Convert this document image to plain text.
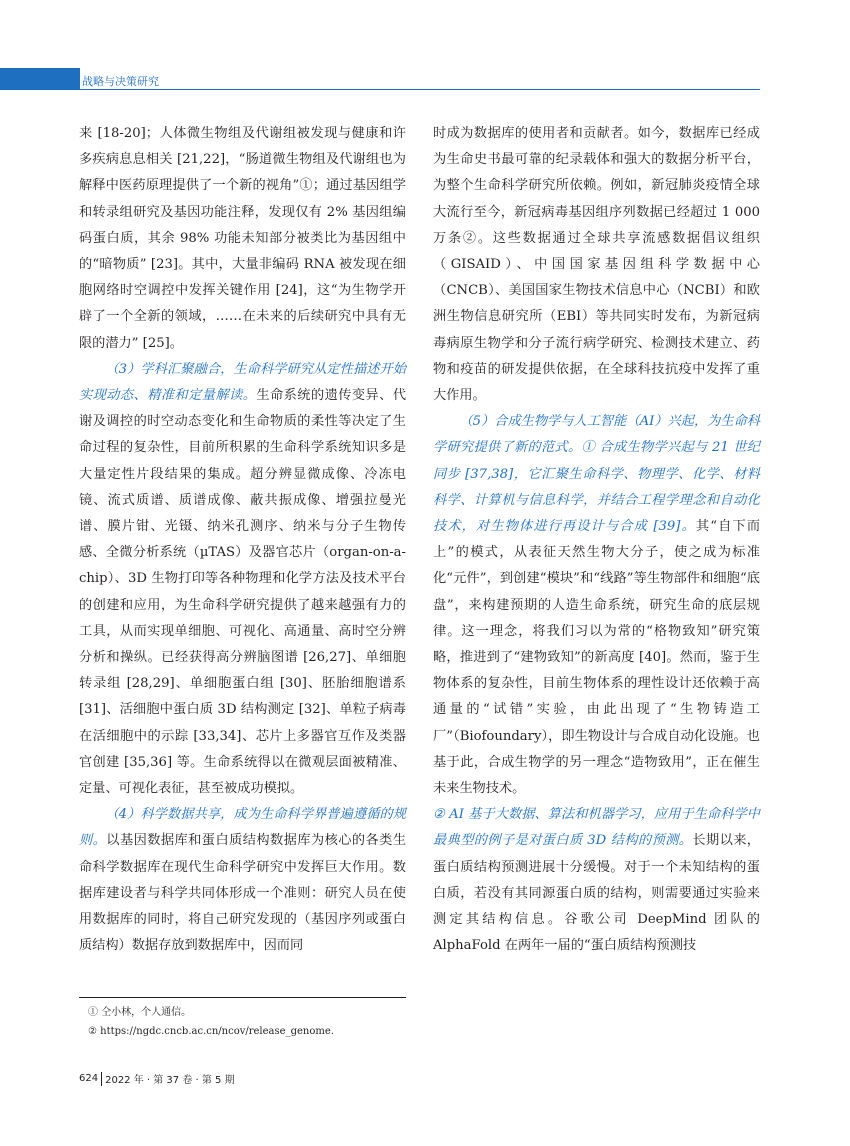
战略与决策研究

来 [18-20]；人体微生物组及代谢组被发现与健康和许多疾病息息相关 [21,22]，“肠道微生物组及代谢组也为解释中医药原理提供了一个新的视角”①；通过基因组学和转录组研究及基因功能注释，发现仅有 2% 基因组编码蛋白质，其余 98% 功能未知部分被类比为基因组中的“暗物质” [23]。其中，大量非编码 RNA 被发现在细胞网络时空调控中发挥关键作用 [24]，这“为生物学开辟了一个全新的领域，……在未来的后续研究中具有无限的潜力” [25]。

（3）学科汇聚融合，生命科学研究从定性描述开始实现动态、精准和定量解读。生命系统的遗传变异、代谢及调控的时空动态变化和生命物质的柔性等决定了生命过程的复杂性，目前所积累的生命科学系统知识多是大量定性片段结果的集成。超分辨显微成像、冷冻电镜、流式质谱、质谱成像、蔽共振成像、增强拉曼光谱、膜片钳、光镊、纳米孔测序、纳米与分子生物传感、全微分析系统（µTAS）及器官芯片（organ-on-a-chip）、3D 生物打印等各种物理和化学方法及技术平台的创建和应用，为生命科学研究提供了越来越强有力的工具，从而实现单细胞、可视化、高通量、高时空分辨分析和操纵。已经获得高分辨脑图谱 [26,27]、单细胞转录组 [28,29]、单细胞蛋白组 [30]、胚胎细胞谱系 [31]、活细胞中蛋白质 3D 结构测定 [32]、单粒子病毒在活细胞中的示踪 [33,34]、芯片上多器官互作及类器官创建 [35,36] 等。生命系统得以在微观层面被精准、定量、可视化表征，甚至被成功模拟。

（4）科学数据共享，成为生命科学界普遍遵循的规则。以基因数据库和蛋白质结构数据库为核心的各类生命科学数据库在现代生命科学研究中发挥巨大作用。数据库建设者与科学共同体形成一个准则：研究人员在使用数据库的同时，将自己研究发现的（基因序列或蛋白质结构）数据存放到数据库中，因而同

时成为数据库的使用者和贡献者。如今，数据库已经成为生命史书最可靠的纪录载体和强大的数据分析平台，为整个生命科学研究所依赖。例如，新冠肺炎疫情全球大流行至今，新冠病毒基因组序列数据已经超过 1 000 万条②。这些数据通过全球共享流感数据倡议组织（GISAID）、中国国家基因组科学数据中心（CNCB）、美国国家生物技术信息中心（NCBI）和欧洲生物信息研究所（EBI）等共同实时发布，为新冠病毒病原生物学和分子流行病学研究、检测技术建立、药物和疫苗的研发提供依据，在全球科技抗疫中发挥了重大作用。

（5）合成生物学与人工智能（AI）兴起，为生命科学研究提供了新的范式。① 合成生物学兴起与 21 世纪同步 [37,38]，它汇聚生命科学、物理学、化学、材料科学、计算机与信息科学，并结合工程学理念和自动化技术，对生物体进行再设计与合成 [39]。其“自下而上”的模式，从表征天然生物大分子，使之成为标准化“元件”，到创建“模块”和“线路”等生物部件和细胞“底盘”，来构建预期的人造生命系统，研究生命的底层规律。这一理念，将我们习以为常的“格物致知”研究策略，推进到了“建物致知”的新高度 [40]。然而，鉴于生物体系的复杂性，目前生物体系的理性设计还依赖于高通量的“试错”实验，由此出现了“生物铸造工厂”（Biofoundary），即生物设计与合成自动化设施。也基于此，合成生物学的另一理念“造物致用”，正在催生未来生物技术。

② AI 基于大数据、算法和机器学习，应用于生命科学中最典型的例子是对蛋白质 3D 结构的预测。长期以来，蛋白质结构预测进展十分缓慢。对于一个未知结构的蛋白质，若没有其同源蛋白质的结构，则需要通过实验来测定其结构信息。谷歌公司 DeepMind 团队的 AlphaFold 在两年一届的“蛋白质结构预测技

① 仝小林，个人通信。
② https://ngdc.cncb.ac.cn/ncov/release_genome.
624 2022 年 · 第 37 卷 · 第 5 期
